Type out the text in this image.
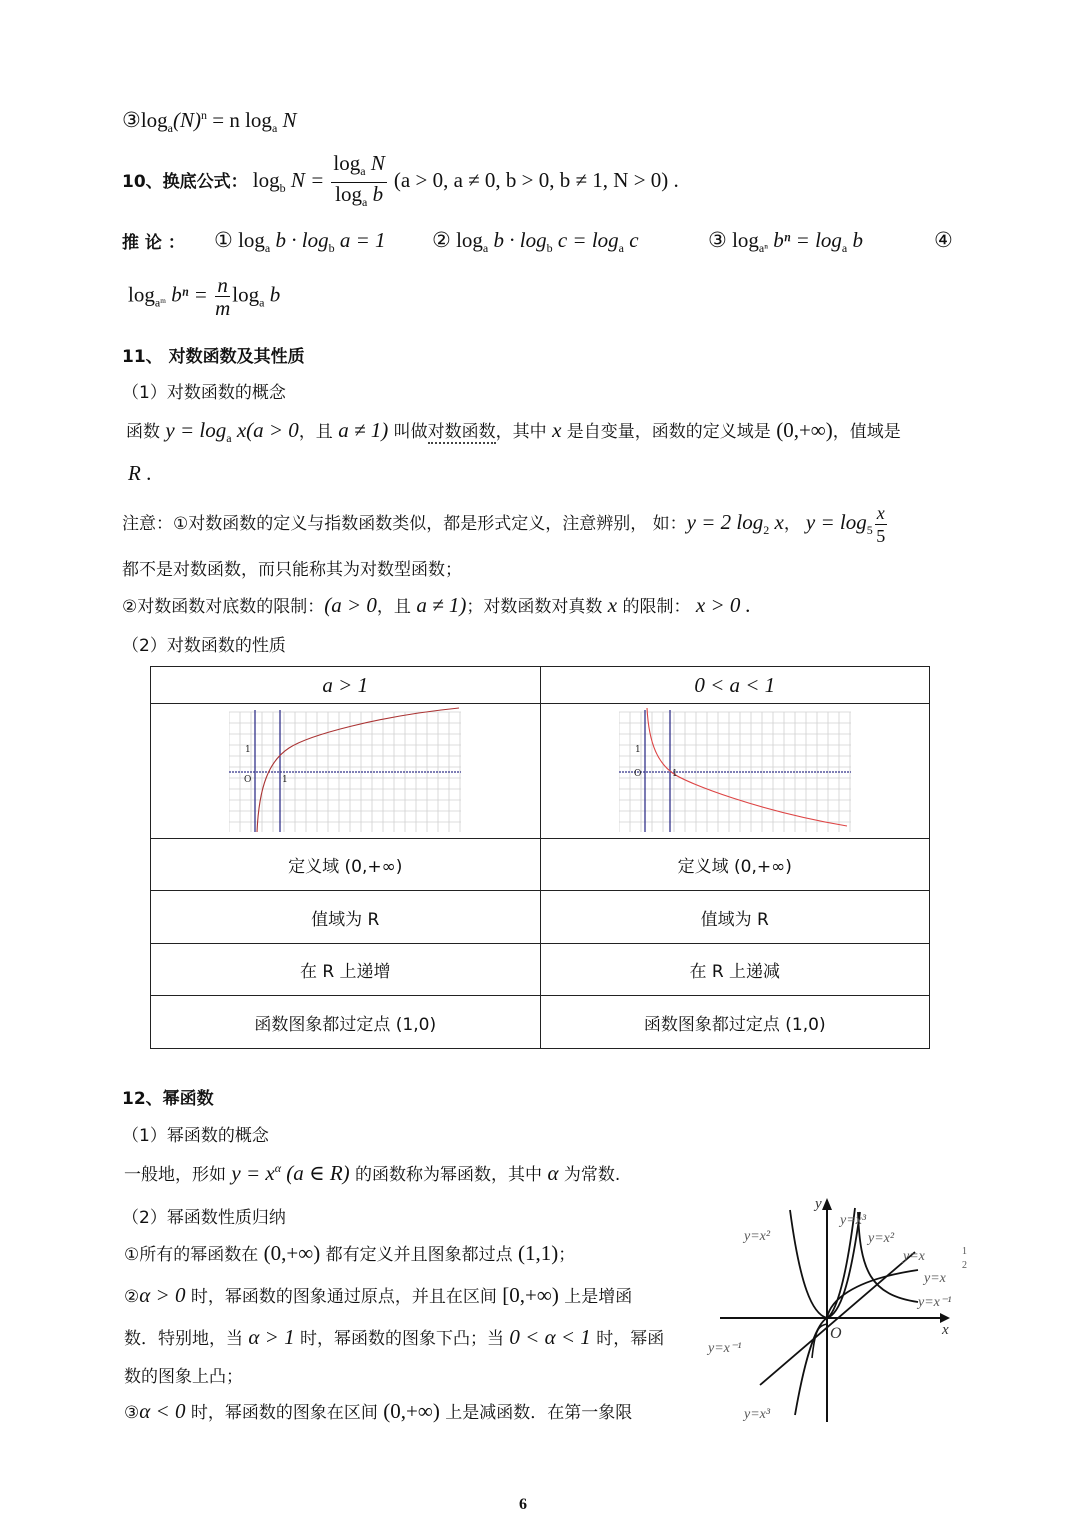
$③\log_a(N)^n = n$ $\log_a N$
10、换底公式： $\log_b N = \frac{\log_a N}{\log_a b} (a > 0$, a ≠ 0, b > 0, b ≠ 1, N > 0) .
推 论 ： ① $\log_a b \cdot \log_b a = 1$ ② $\log_a b \cdot \log_b c = \log_a c$	③ $\log_{a^n} b^n = \log_a b$	④
$\log_{aᵐ} b^n = \frac{n}{m} \log_a b$
11、 对数函数及其性质
（1）对数函数的概念
函数 $y = \log_a x(a > 0$，且 a ≠ 1) 叫做对数函数，其中 x 是自变量，函数的定义域是 (0,+∞)，值域是
R .
注意：①对数函数的定义与指数函数类似，都是形式定义，注意辨别， 如：y = 2 $\log_2 x$， $y = \log_5 \frac{x}{5}$
都不是对数函数，而只能称其为对数型函数；
②对数函数对底数的限制：(a > 0，且 a ≠ 1)；对数函数对真数 x 的限制： x > 0 .
（2）对数函数的性质
a > 1	0 < a < 1

1
O 1	1
O 1

定义域 (0,+∞)	定义域 (0,+∞)
值域为 R	值域为 R
在 R 上递增	在 R 上递减
函数图象都过定点 (1,0)	函数图象都过定点 (1,0)
12、幂函数
（1）幂函数的概念
一般地，形如 $y = x^\alpha$ (a ∈ R) 的函数称为幂函数，其中 α 为常数.
（2）幂函数性质归纳
①所有的幂函数在 (0,+∞) 都有定义并且图象都过点 (1,1)；
②α > 0 时，幂函数的图象通过原点，并且在区间 [0,+∞) 上是增函
数．特别地，当 α > 1 时，幂函数的图象下凸；当 0 < α < 1 时，幂函
数的图象上凸；
③α < 0 时，幂函数的图象在区间 (0,+∞) 上是减函数．在第一象限
y
x
O
y=x²
y=x³
y=x²
y=x	1
2
y=x
y=x⁻¹
y=x⁻¹
y=x³
6
